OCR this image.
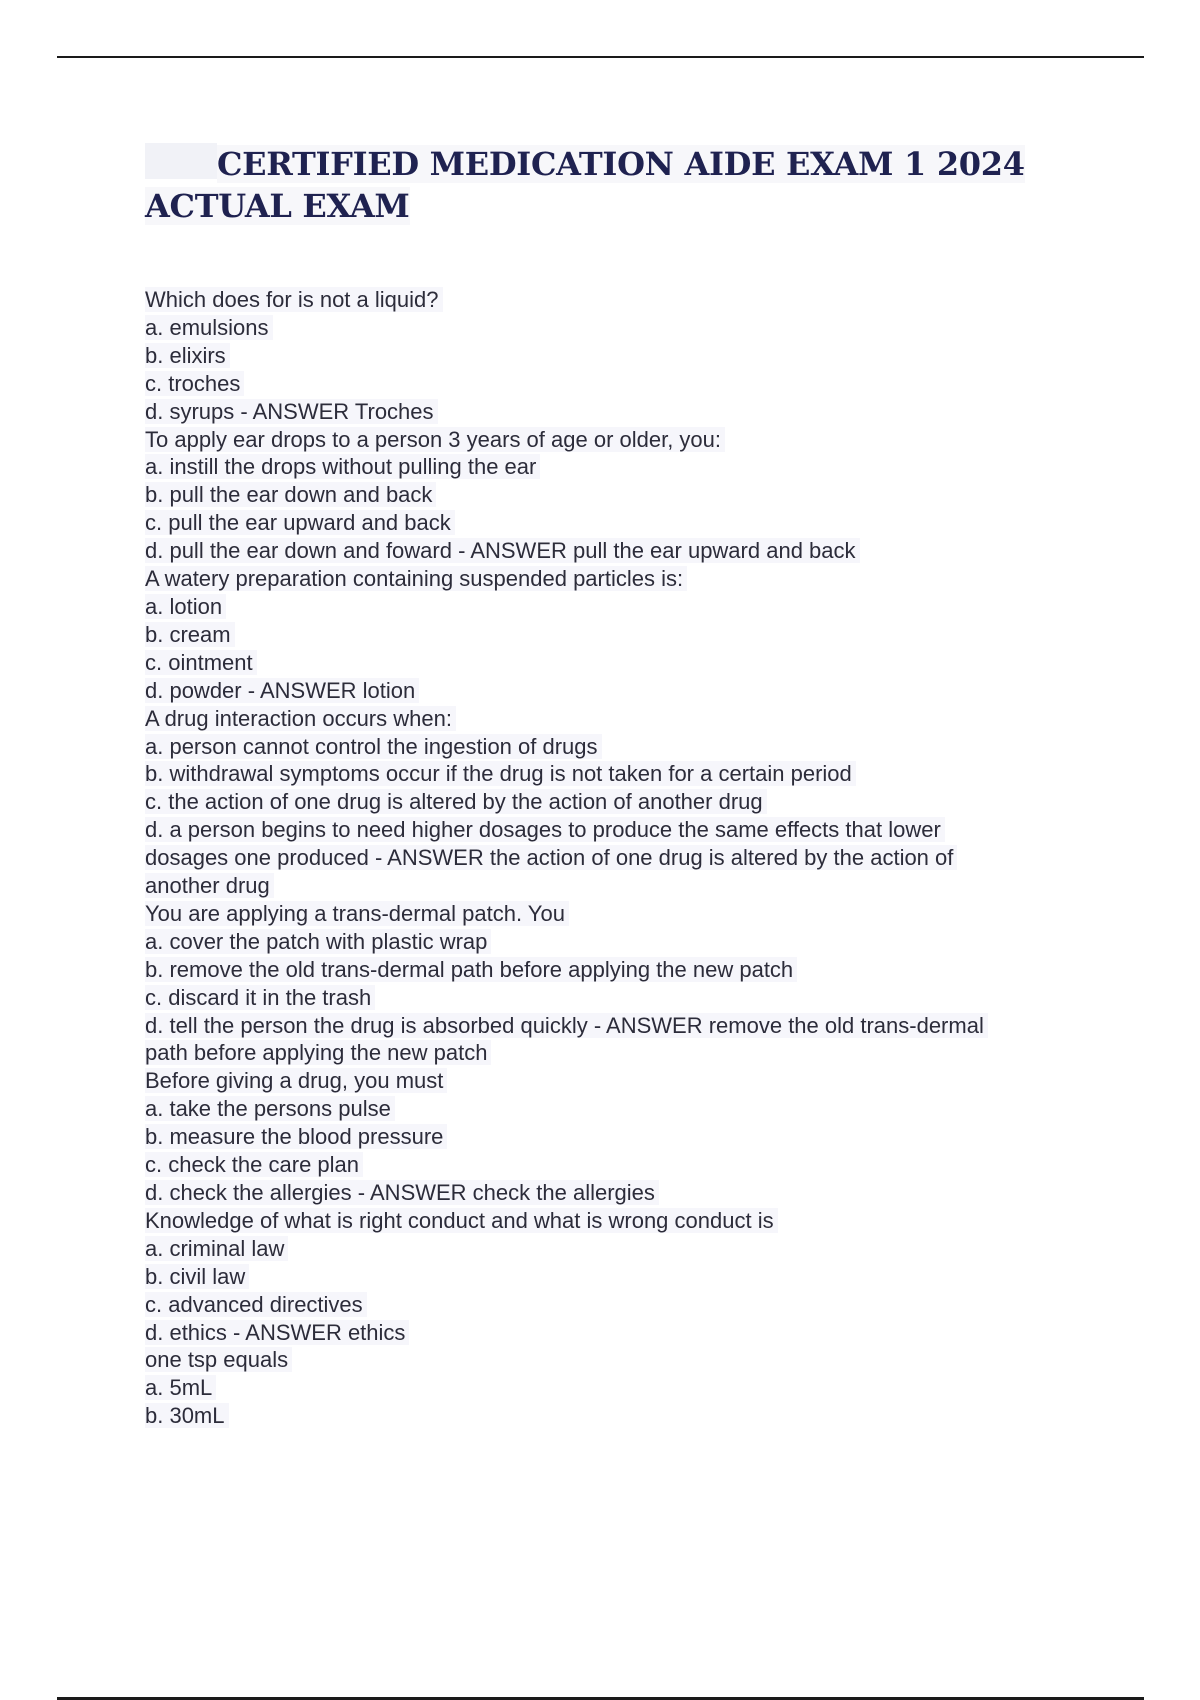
CERTIFIED MEDICATION AIDE EXAM 1 2024
ACTUAL EXAM
Which does for is not a liquid?
a. emulsions
b. elixirs
c. troches
d. syrups - ANSWER Troches
To apply ear drops to a person 3 years of age or older, you:
a. instill the drops without pulling the ear
b. pull the ear down and back
c. pull the ear upward and back
d. pull the ear down and foward - ANSWER pull the ear upward and back
A watery preparation containing suspended particles is:
a. lotion
b. cream
c. ointment
d. powder - ANSWER lotion
A drug interaction occurs when:
a. person cannot control the ingestion of drugs
b. withdrawal symptoms occur if the drug is not taken for a certain period
c. the action of one drug is altered by the action of another drug
d. a person begins to need higher dosages to produce the same effects that lower
dosages one produced - ANSWER the action of one drug is altered by the action of
another drug
You are applying a trans-dermal patch. You
a. cover the patch with plastic wrap
b. remove the old trans-dermal path before applying the new patch
c. discard it in the trash
d. tell the person the drug is absorbed quickly - ANSWER remove the old trans-dermal
path before applying the new patch
Before giving a drug, you must
a. take the persons pulse
b. measure the blood pressure
c. check the care plan
d. check the allergies - ANSWER check the allergies
Knowledge of what is right conduct and what is wrong conduct is
a. criminal law
b. civil law
c. advanced directives
d. ethics - ANSWER ethics
one tsp equals
a. 5mL
b. 30mL
